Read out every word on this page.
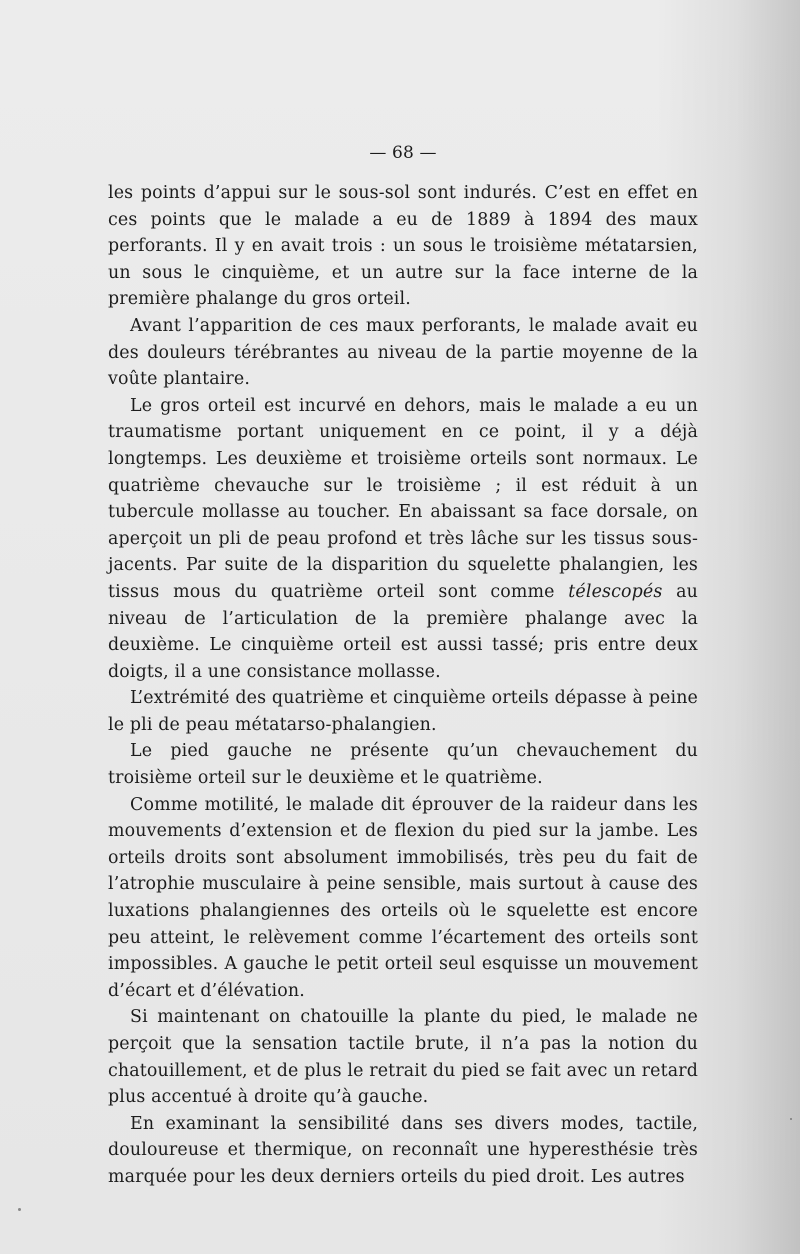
— 68 —

les points d’appui sur le sous-sol sont indurés. C’est en effet en ces points que le malade a eu de 1889 à 1894 des maux perforants. Il y en avait trois : un sous le troisième métatarsien, un sous le cinquième, et un autre sur la face interne de la première phalange du gros orteil.

Avant l’apparition de ces maux perforants, le malade avait eu des douleurs térébrantes au niveau de la partie moyenne de la voûte plantaire.

Le gros orteil est incurvé en dehors, mais le malade a eu un traumatisme portant uniquement en ce point, il y a déjà longtemps. Les deuxième et troisième orteils sont normaux. Le quatrième chevauche sur le troisième ; il est réduit à un tubercule mollasse au toucher. En abaissant sa face dorsale, on aperçoit un pli de peau profond et très lâche sur les tissus sous-jacents. Par suite de la disparition du squelette phalangien, les tissus mous du quatrième orteil sont comme télescopés au niveau de l’articulation de la première phalange avec la deuxième. Le cinquième orteil est aussi tassé; pris entre deux doigts, il a une consistance mollasse.

L’extrémité des quatrième et cinquième orteils dépasse à peine le pli de peau métatarso-phalangien.

Le pied gauche ne présente qu’un chevauchement du troisième orteil sur le deuxième et le quatrième.

Comme motilité, le malade dit éprouver de la raideur dans les mouvements d’extension et de flexion du pied sur la jambe. Les orteils droits sont absolument immobilisés, très peu du fait de l’atrophie musculaire à peine sensible, mais surtout à cause des luxations phalangiennes des orteils où le squelette est encore peu atteint, le relèvement comme l’écartement des orteils sont impossibles. A gauche le petit orteil seul esquisse un mouvement d’écart et d’élévation.

Si maintenant on chatouille la plante du pied, le malade ne perçoit que la sensation tactile brute, il n’a pas la notion du chatouillement, et de plus le retrait du pied se fait avec un retard plus accentué à droite qu’à gauche.

En examinant la sensibilité dans ses divers modes, tactile, douloureuse et thermique, on reconnaît une hyperesthésie très marquée pour les deux derniers orteils du pied droit. Les autres
